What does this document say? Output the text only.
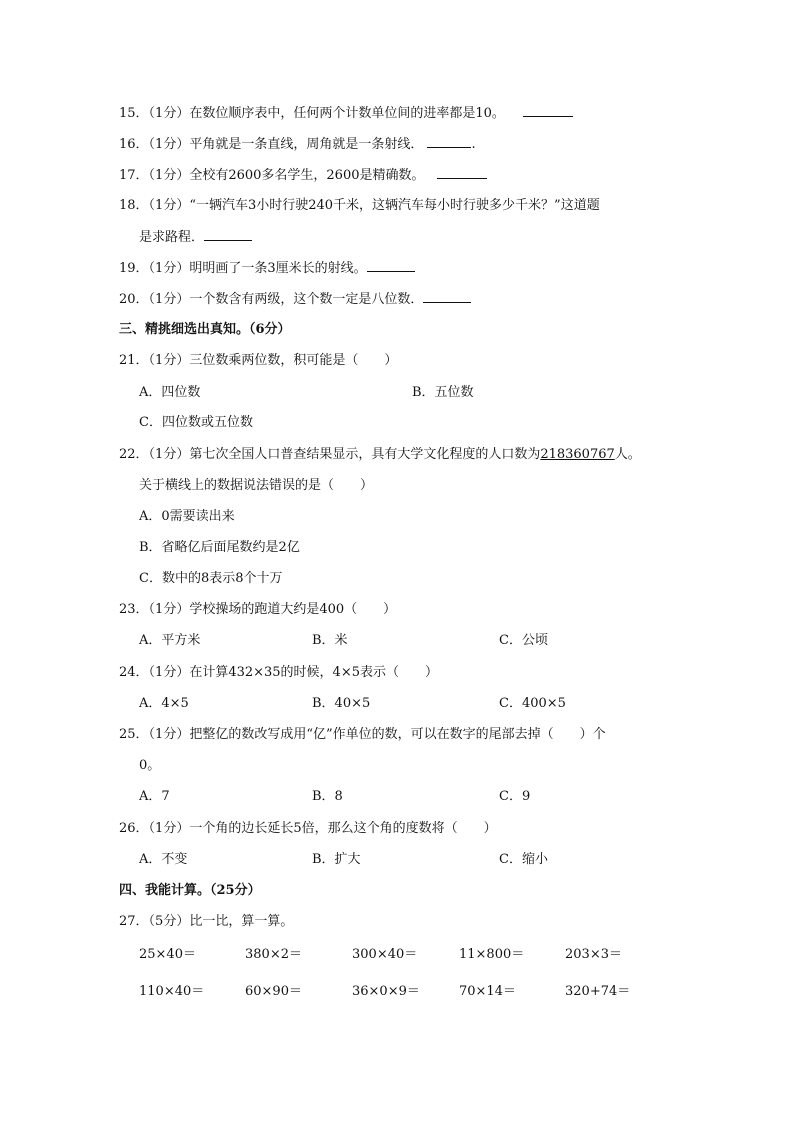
15．（1分）在数位顺序表中，任何两个计数单位间的进率都是10。
16．（1分）平角就是一条直线，周角就是一条射线．	.
17．（1分）全校有2600多名学生，2600是精确数。
18．（1分）“一辆汽车3小时行驶240千米，这辆汽车每小时行驶多少千米？”这道题
是求路程．
19．（1分）明明画了一条3厘米长的射线。
20．（1分）一个数含有两级，这个数一定是八位数．
三、精挑细选出真知。（6分）
21．（1分）三位数乘两位数，积可能是（　　）
A．四位数	B．五位数
C．四位数或五位数
22．（1分）第七次全国人口普查结果显示，具有大学文化程度的人口数为218360767人。
关于横线上的数据说法错误的是（　　）
A．0需要读出来
B．省略亿后面尾数约是2亿
C．数中的8表示8个十万
23．（1分）学校操场的跑道大约是400（　　）
A．平方米	B．米	C．公顷
24．（1分）在计算432×35的时候，4×5表示（　　）
A．4×5	B．40×5	C．400×5
25．（1分）把整亿的数改写成用“亿”作单位的数，可以在数字的尾部去掉（　　）个
0。
A．7	B．8	C．9
26．（1分）一个角的边长延长5倍，那么这个角的度数将（　　）
A．不变	B．扩大	C．缩小
四、我能计算。（25分）
27．（5分）比一比，算一算。
25×40＝	380×2＝	300×40＝	11×800＝	203×3＝
110×40＝	60×90＝	36×0×9＝	70×14＝	320+74＝
